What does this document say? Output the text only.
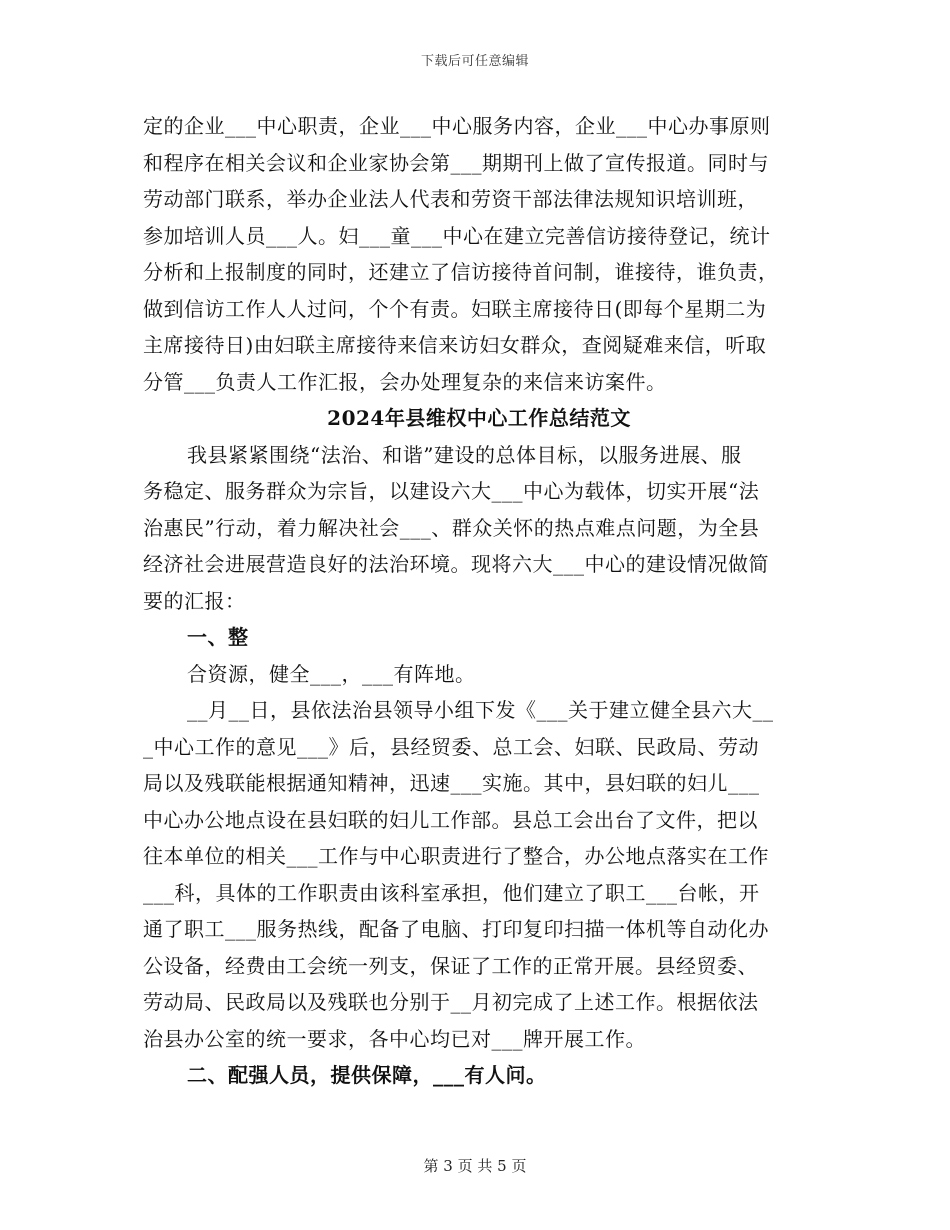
下载后可任意编辑
定的企业___中心职责，企业___中心服务内容，企业___中心办事原则
和程序在相关会议和企业家协会第___期期刊上做了宣传报道。同时与
劳动部门联系，举办企业法人代表和劳资干部法律法规知识培训班，
参加培训人员___人。妇___童___中心在建立完善信访接待登记，统计
分析和上报制度的同时，还建立了信访接待首问制，谁接待，谁负责，
做到信访工作人人过问，个个有责。妇联主席接待日(即每个星期二为
主席接待日)由妇联主席接待来信来访妇女群众，查阅疑难来信，听取
分管___负责人工作汇报，会办处理复杂的来信来访案件。
2024年县维权中心工作总结范文
我县紧紧围绕“法治、和谐”建设的总体目标，以服务进展、服
务稳定、服务群众为宗旨，以建设六大___中心为载体，切实开展“法
治惠民”行动，着力解决社会___、群众关怀的热点难点问题，为全县
经济社会进展营造良好的法治环境。现将六大___中心的建设情况做简
要的汇报：
一、整
合资源，健全___，___有阵地。
__月__日，县依法治县领导小组下发《___关于建立健全县六大__
_中心工作的意见___》后，县经贸委、总工会、妇联、民政局、劳动
局以及残联能根据通知精神，迅速___实施。其中，县妇联的妇儿___
中心办公地点设在县妇联的妇儿工作部。县总工会出台了文件，把以
往本单位的相关___工作与中心职责进行了整合，办公地点落实在工作
___科，具体的工作职责由该科室承担，他们建立了职工___台帐，开
通了职工___服务热线，配备了电脑、打印复印扫描一体机等自动化办
公设备，经费由工会统一列支，保证了工作的正常开展。县经贸委、
劳动局、民政局以及残联也分别于__月初完成了上述工作。根据依法
治县办公室的统一要求，各中心均已对___牌开展工作。
二、配强人员，提供保障，___有人问。
第 3 页 共 5 页
